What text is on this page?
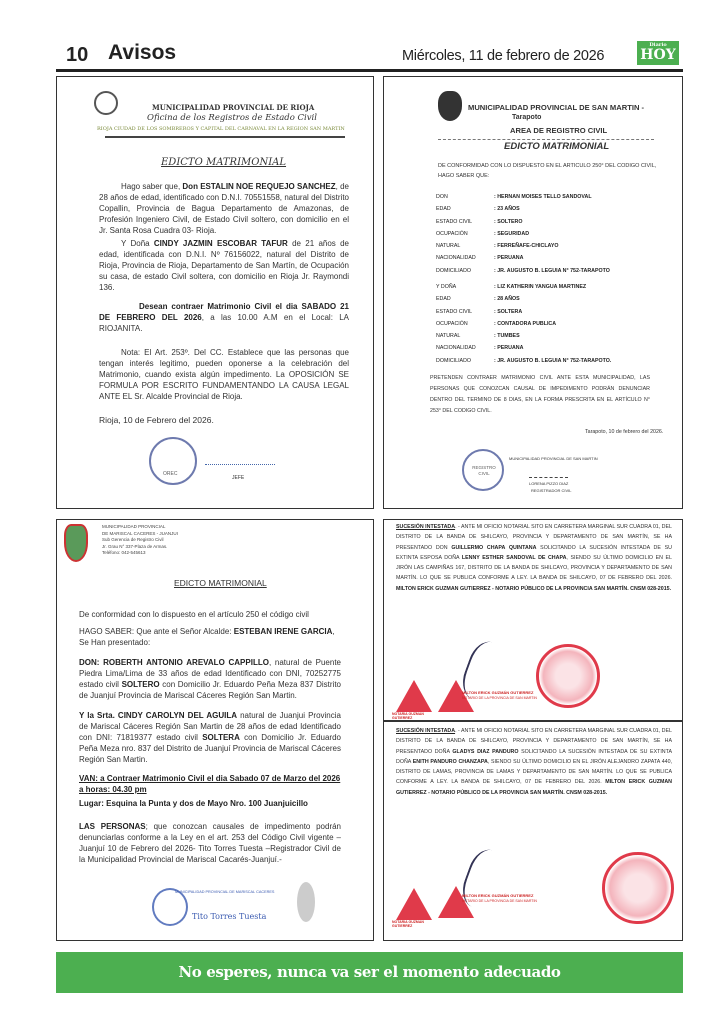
10 Avisos	Miércoles, 11 de febrero de 2026
Diario
HOY
MUNICIPALIDAD PROVINCIAL DE RIOJA
Oficina de los Registros de Estado Civil
RIOJA CIUDAD DE LOS SOMBREROS Y CAPITAL DEL CARNAVAL EN LA REGION SAN MARTIN
EDICTO MATRIMONIAL
Hago saber que, Don ESTALIN NOE REQUEJO SANCHEZ, de 28 años de edad, identificado con D.N.I. 70551558, natural del Distrito Copallin, Provincia de Bagua Departamento de Amazonas, de Profesión Ingeniero Civil, de Estado Civil soltero, con domicilio en el Jr. Santa Rosa Cuadra 03- Rioja.
Y Doña CINDY JAZMIN ESCOBAR TAFUR de 21 años de edad, identificada con D.N.I. Nº 76156022, natural del Distrito de Rioja, Provincia de Rioja, Departamento de San Martín, de Ocupación su casa, de estado Civil soltera, con domicilio en Rioja Jr. Raymondi 136.
Desean contraer Matrimonio Civil el dia SABADO 21 DE FEBRERO DEL 2026, a las 10.00 A.M en el Local: LA RIOJANITA.
Nota: El Art. 253º. Del CC. Establece que las personas que tengan interés legitimo, pueden oponerse a la celebración del Matrimonio, cuando exista algún impedimento. La OPOSICIÓN SE FORMULA POR ESCRITO FUNDAMENTANDO LA CAUSA LEGAL ANTE EL Sr. Alcalde Provincial de Rioja.
Rioja, 10 de Febrero del 2026.
OREC
JEFE
MUNICIPALIDAD PROVINCIAL DE SAN MARTIN -
Tarapoto
AREA DE REGISTRO CIVIL
EDICTO MATRIMONIAL
DE CONFORMIDAD CON LO DISPUESTO EN EL ARTICULO 250° DEL CODIGO CIVIL, HAGO SABER QUE:
DON	: HERNAN MOISES TELLO SANDOVAL
EDAD	: 23 AÑOS
ESTADO CIVIL	: SOLTERO
OCUPACIÓN	: SEGURIDAD
NATURAL	: FERREÑAFE-CHICLAYO
NACIONALIDAD	: PERUANA
DOMICILIADO	: JR. AUGUSTO B. LEGUIA N° 752-TARAPOTO
Y DOÑA	: LIZ KATHERIN YANGUA MARTINEZ
EDAD	: 28 AÑOS
ESTADO CIVIL	: SOLTERA
OCUPACIÓN	: CONTADORA PUBLICA
NATURAL	: TUMBES
NACIONALIDAD	: PERUANA
DOMICILIADO	: JR. AUGUSTO B. LEGUIA N° 752-TARAPOTO.
PRETENDEN CONTRAER MATRIMONIO CIVIL ANTE ESTA MUNICIPALIDAD, LAS PERSONAS QUE CONOZCAN CAUSAL DE IMPEDIMENTO PODRÁN DENUNCIAR DENTRO DEL TERMINO DE 8 DIAS, EN LA FORMA PRESCRITA EN EL ARTÍCULO N° 253° DEL CODIGO CIVIL.
Tarapoto, 10 de febrero del 2026.
REGISTRO CIVIL
MUNICIPALIDAD PROVINCIAL DE SAN MARTIN
LORENA PIZZO DIAZ
REGISTRADOR CIVIL
MUNICIPALIDAD PROVINCIAL
DE MARISCAL CACERES - JUANJUI
Sub Gerencia de Registro Civil
Jr. Grau N° 337-Plaza de Armas.
Teléfono: 042-545613
EDICTO MATRIMONIAL
De conformidad con lo dispuesto en el artículo 250 el código civil
HAGO SABER: Que ante el Señor Alcalde: ESTEBAN IRENE GARCIA,
Se Han presentado:
DON: ROBERTH ANTONIO AREVALO CAPPILLO, natural de Puente Piedra Lima/Lima de 33 años de edad Identificado con DNI, 70252775 estado civil SOLTERO con Domicilio Jr. Eduardo Peña Meza 837 Distrito de Juanjuí Provincia de Mariscal Cáceres Región San Martin.
Y la Srta. CINDY CAROLYN DEL AGUILA natural de Juanjui Provincia de Mariscal Cáceres Región San Martin de 28 años de edad Identificado con DNI: 71819377 estado civil SOLTERA con Domicilio Jr. Eduardo Peña Meza nro. 837 del Distrito de Juanjuí Provincia de Mariscal Cáceres Región San Martin.
VAN: a Contraer Matrimonio Civil el dia Sabado 07 de Marzo del 2026 a horas: 04.30 pm
Lugar: Esquina la Punta y dos de Mayo Nro. 100 Juanjuicillo
LAS PERSONAS; que conozcan causales de impedimento podrán denunciarlas conforme a la Ley en el art. 253 del Código Civil vigente – Juanjuí 10 de Febrero del 2026- Tito Torres Tuesta –Registrador Civil de la Municipalidad Provincial de Mariscal Cacarés-Juanjuí.-
MUNICIPALIDAD PROVINCIAL DE MARISCAL CACERES
Tito Torres Tuesta
SUCESIÓN INTESTADA. - ANTE MI OFICIO NOTARIAL SITO EN CARRETERA MARGINAL SUR CUADRA 01, DEL DISTRITO DE LA BANDA DE SHILCAYO, PROVINCIA Y DEPARTAMENTO DE SAN MARTÍN, SE HA PRESENTADO DON GUILLERMO CHAPA QUINTANA SOLICITANDO LA SUCESIÓN INTESTADA DE SU EXTINTA ESPOSA DOÑA LENNY ESTHER SANDOVAL DE CHAPA, SIENDO SU ÚLTIMO DOMICILIO EN EL JIRÓN LAS CAMPIÑAS 167, DISTRITO DE LA BANDA DE SHILCAYO, PROVINCIA Y DEPARTAMENTO DE SAN MARTÍN. LO QUE SE PUBLICA CONFORME A LEY. LA BANDA DE SHILCAYO, 07 DE FEBRERO DEL 2026. MILTON ERICK GUZMAN GUTIERREZ - NOTARIO PÚBLICO DE LA PROVINCIA SAN MARTÍN. CNSM 028-2015.
NOTARIA GUZMAN GUTIERREZ
MILTON ERICK GUZMÁN GUTIERREZ
NOTARIO DE LA PROVINCIA DE SAN MARTIN
SUCESIÓN INTESTADA. - ANTE MI OFICIO NOTARIAL SITO EN CARRETERA MARGINAL SUR CUADRA 01, DEL DISTRITO DE LA BANDA DE SHILCAYO, PROVINCIA Y DEPARTAMENTO DE SAN MARTÍN, SE HA PRESENTADO DOÑA GLADYS DIAZ PANDURO SOLICITANDO LA SUCESIÓN INTESTADA DE SU EXTINTA DOÑA ENITH PANDURO CHANZAPA, SIENDO SU ÚLTIMO DOMICILIO EN EL JIRÓN ALEJANDRO ZAPATA 440, DISTRITO DE LAMAS, PROVINCIA DE LAMAS Y DEPARTAMENTO DE SAN MARTÍN. LO QUE SE PUBLICA CONFORME A LEY. LA BANDA DE SHILCAYO, 07 DE FEBRERO DEL 2026. MILTON ERICK GUZMAN GUTIERREZ - NOTARIO PÚBLICO DE LA PROVINCIA SAN MARTÍN. CNSM 028-2015.
NOTARIA GUZMAN GUTIERREZ
MILTON ERICK GUZMÁN GUTIERREZ
NOTARIO DE LA PROVINCIA DE SAN MARTIN
No esperes, nunca va ser el momento adecuado
